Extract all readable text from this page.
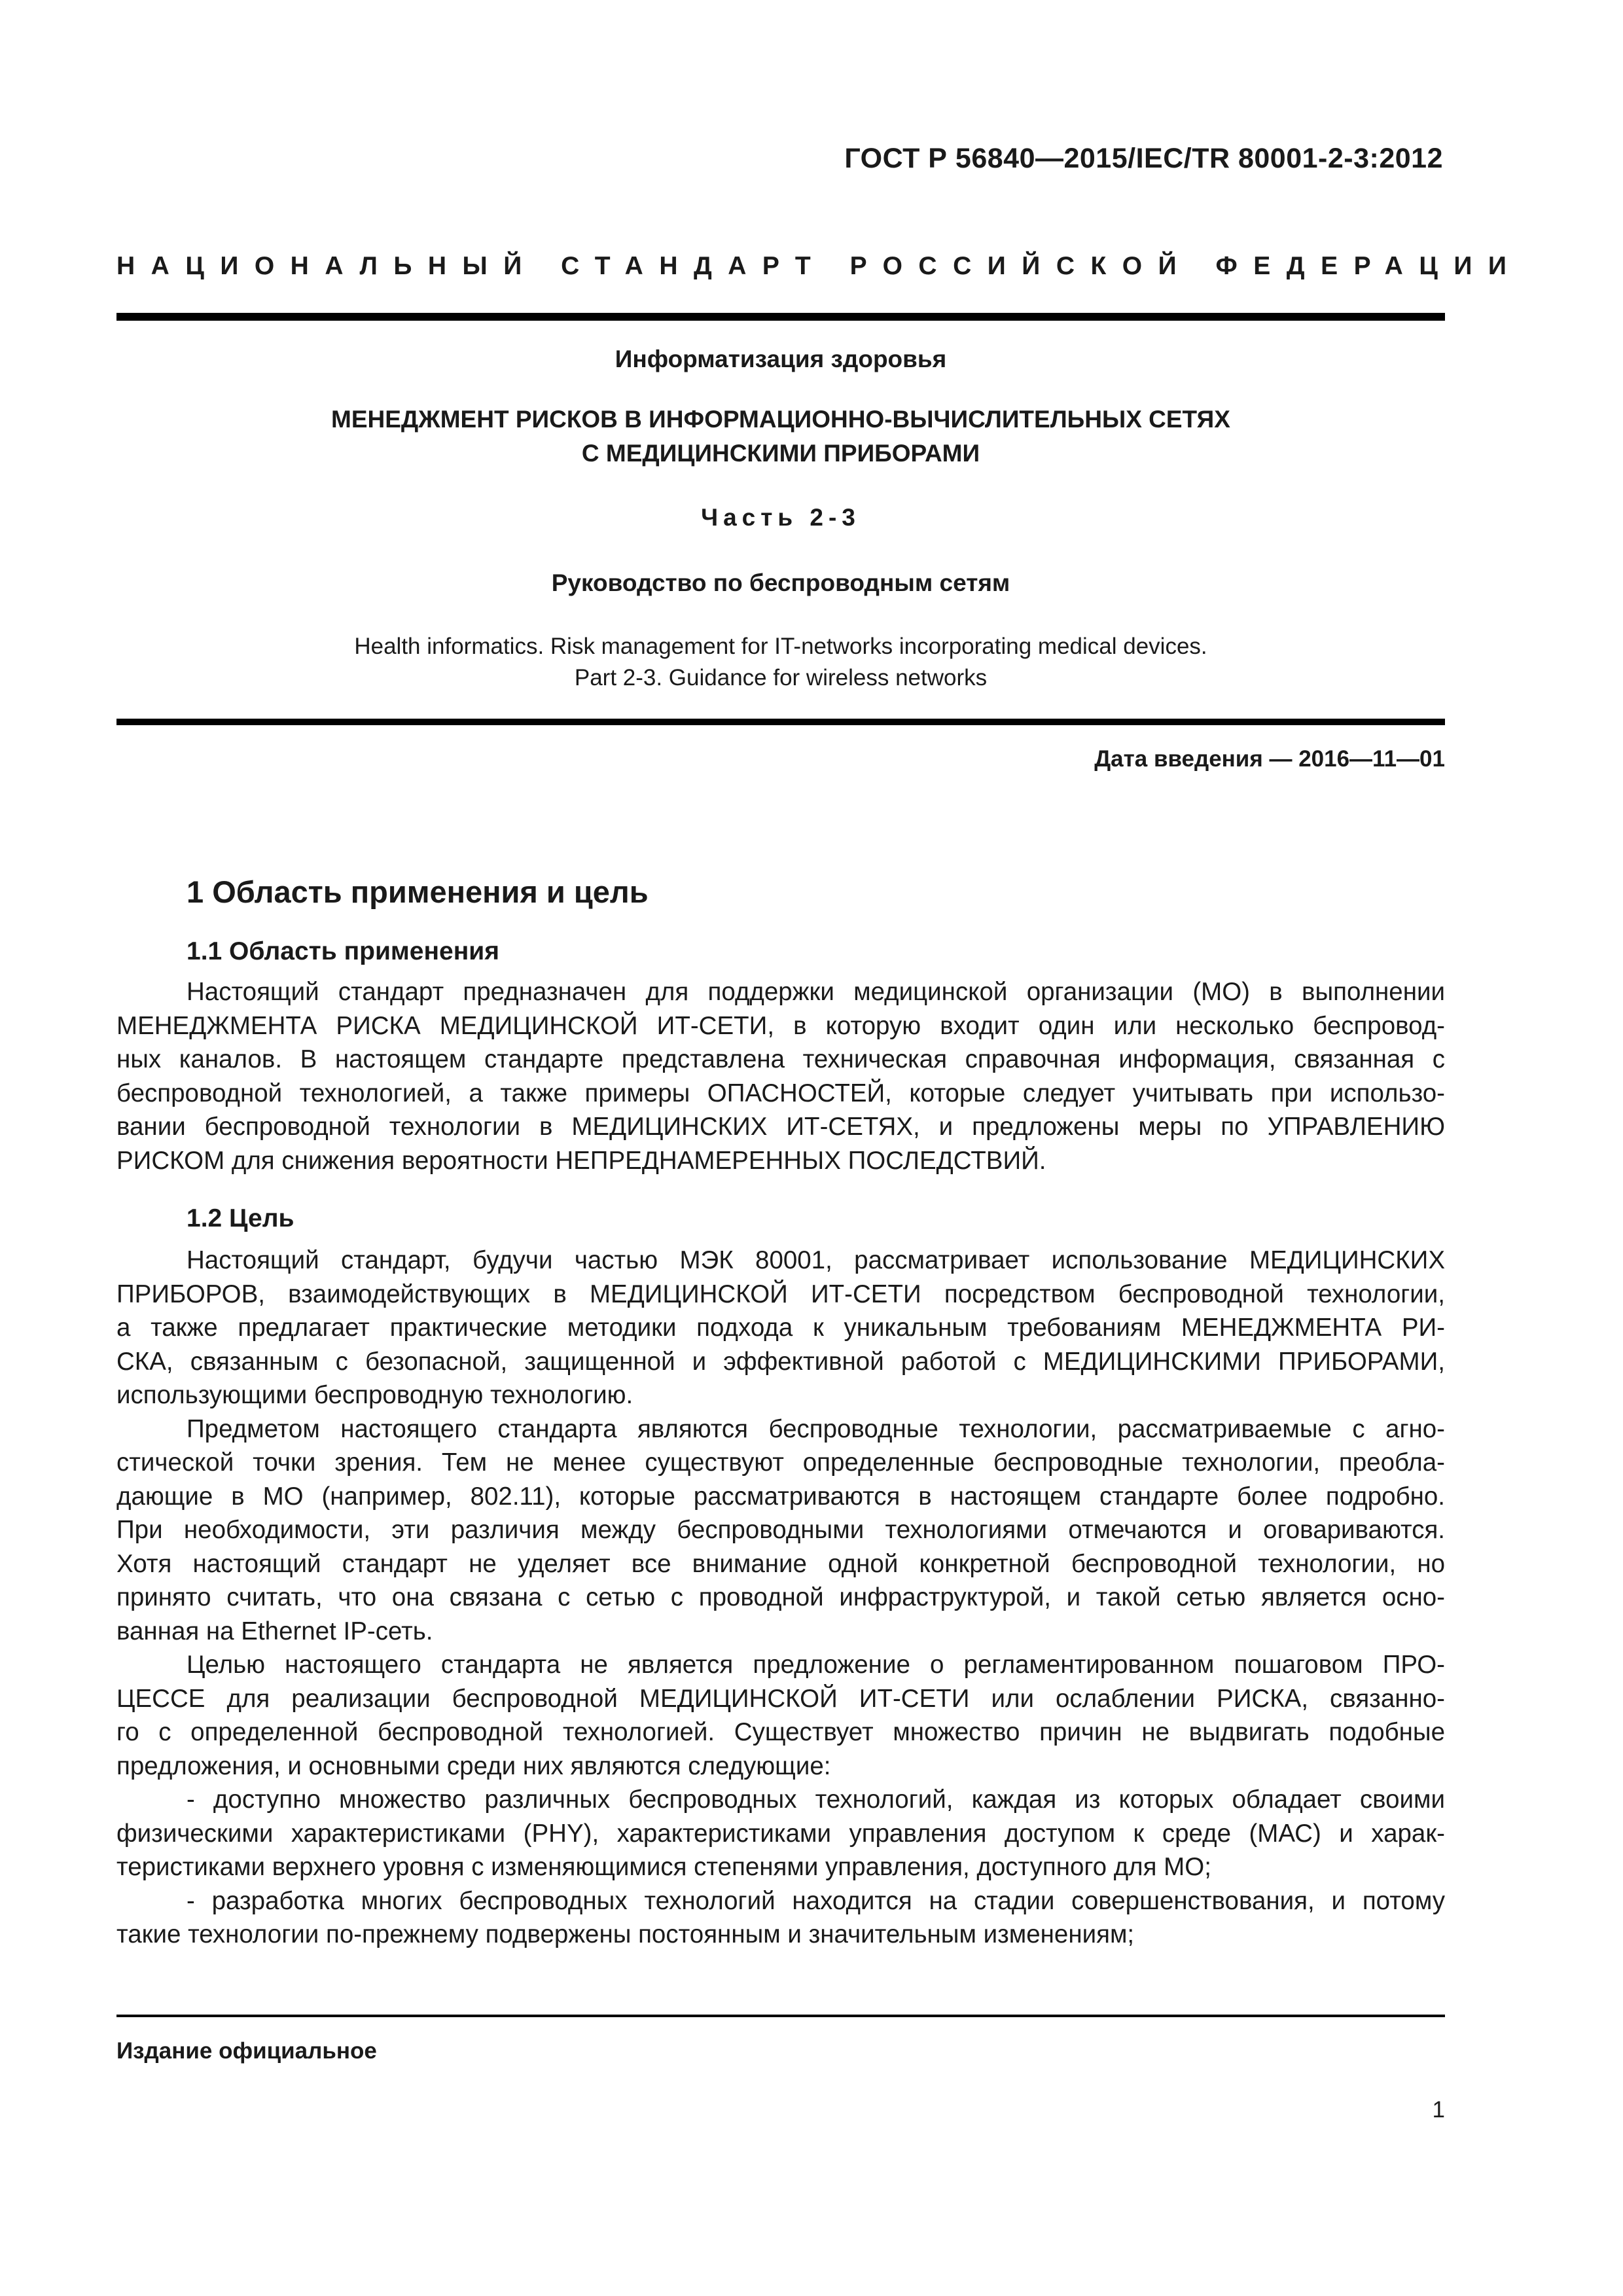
ГОСТ Р 56840—2015/IEC/TR 80001-2-3:2012
НАЦИОНАЛЬНЫЙ СТАНДАРТ РОССИЙСКОЙ ФЕДЕРАЦИИ
Информатизация здоровья
МЕНЕДЖМЕНТ РИСКОВ В ИНФОРМАЦИОННО-ВЫЧИСЛИТЕЛЬНЫХ СЕТЯХ
С МЕДИЦИНСКИМИ ПРИБОРАМИ
Часть 2-3
Руководство по беспроводным сетям
Health informatics. Risk management for IT-networks incorporating medical devices.
Part 2-3. Guidance for wireless networks
Дата введения — 2016—11—01
1 Область применения и цель
1.1 Область применения
Настоящий стандарт предназначен для поддержки медицинской организации (МО) в выполнении
МЕНЕДЖМЕНТА РИСКА МЕДИЦИНСКОЙ ИТ-СЕТИ, в которую входит один или несколько беспровод-
ных каналов. В настоящем стандарте представлена техническая справочная информация, связанная с
беспроводной технологией, а также примеры ОПАСНОСТЕЙ, которые следует учитывать при использо-
вании беспроводной технологии в МЕДИЦИНСКИХ ИТ-СЕТЯХ, и предложены меры по УПРАВЛЕНИЮ
РИСКОМ для снижения вероятности НЕПРЕДНАМЕРЕННЫХ ПОСЛЕДСТВИЙ.
1.2 Цель
Настоящий стандарт, будучи частью МЭК 80001, рассматривает использование МЕДИЦИНСКИХ
ПРИБОРОВ, взаимодействующих в МЕДИЦИНСКОЙ ИТ-СЕТИ посредством беспроводной технологии,
а также предлагает практические методики подхода к уникальным требованиям МЕНЕДЖМЕНТА РИ-
СКА, связанным с безопасной, защищенной и эффективной работой с МЕДИЦИНСКИМИ ПРИБОРАМИ,
использующими беспроводную технологию.
Предметом настоящего стандарта являются беспроводные технологии, рассматриваемые с агно-
стической точки зрения. Тем не менее существуют определенные беспроводные технологии, преобла-
дающие в МО (например, 802.11), которые рассматриваются в настоящем стандарте более подробно.
При необходимости, эти различия между беспроводными технологиями отмечаются и оговариваются.
Хотя настоящий стандарт не уделяет все внимание одной конкретной беспроводной технологии, но
принято считать, что она связана с сетью с проводной инфраструктурой, и такой сетью является осно-
ванная на Ethernet IP-сеть.
Целью настоящего стандарта не является предложение о регламентированном пошаговом ПРО-
ЦЕССЕ для реализации беспроводной МЕДИЦИНСКОЙ ИТ-СЕТИ или ослаблении РИСКА, связанно-
го с определенной беспроводной технологией. Существует множество причин не выдвигать подобные
предложения, и основными среди них являются следующие:
- доступно множество различных беспроводных технологий, каждая из которых обладает своими
физическими характеристиками (PHY), характеристиками управления доступом к среде (МАС) и харак-
теристиками верхнего уровня с изменяющимися степенями управления, доступного для МО;
- разработка многих беспроводных технологий находится на стадии совершенствования, и потому
такие технологии по-прежнему подвержены постоянным и значительным изменениям;
Издание официальное
1
